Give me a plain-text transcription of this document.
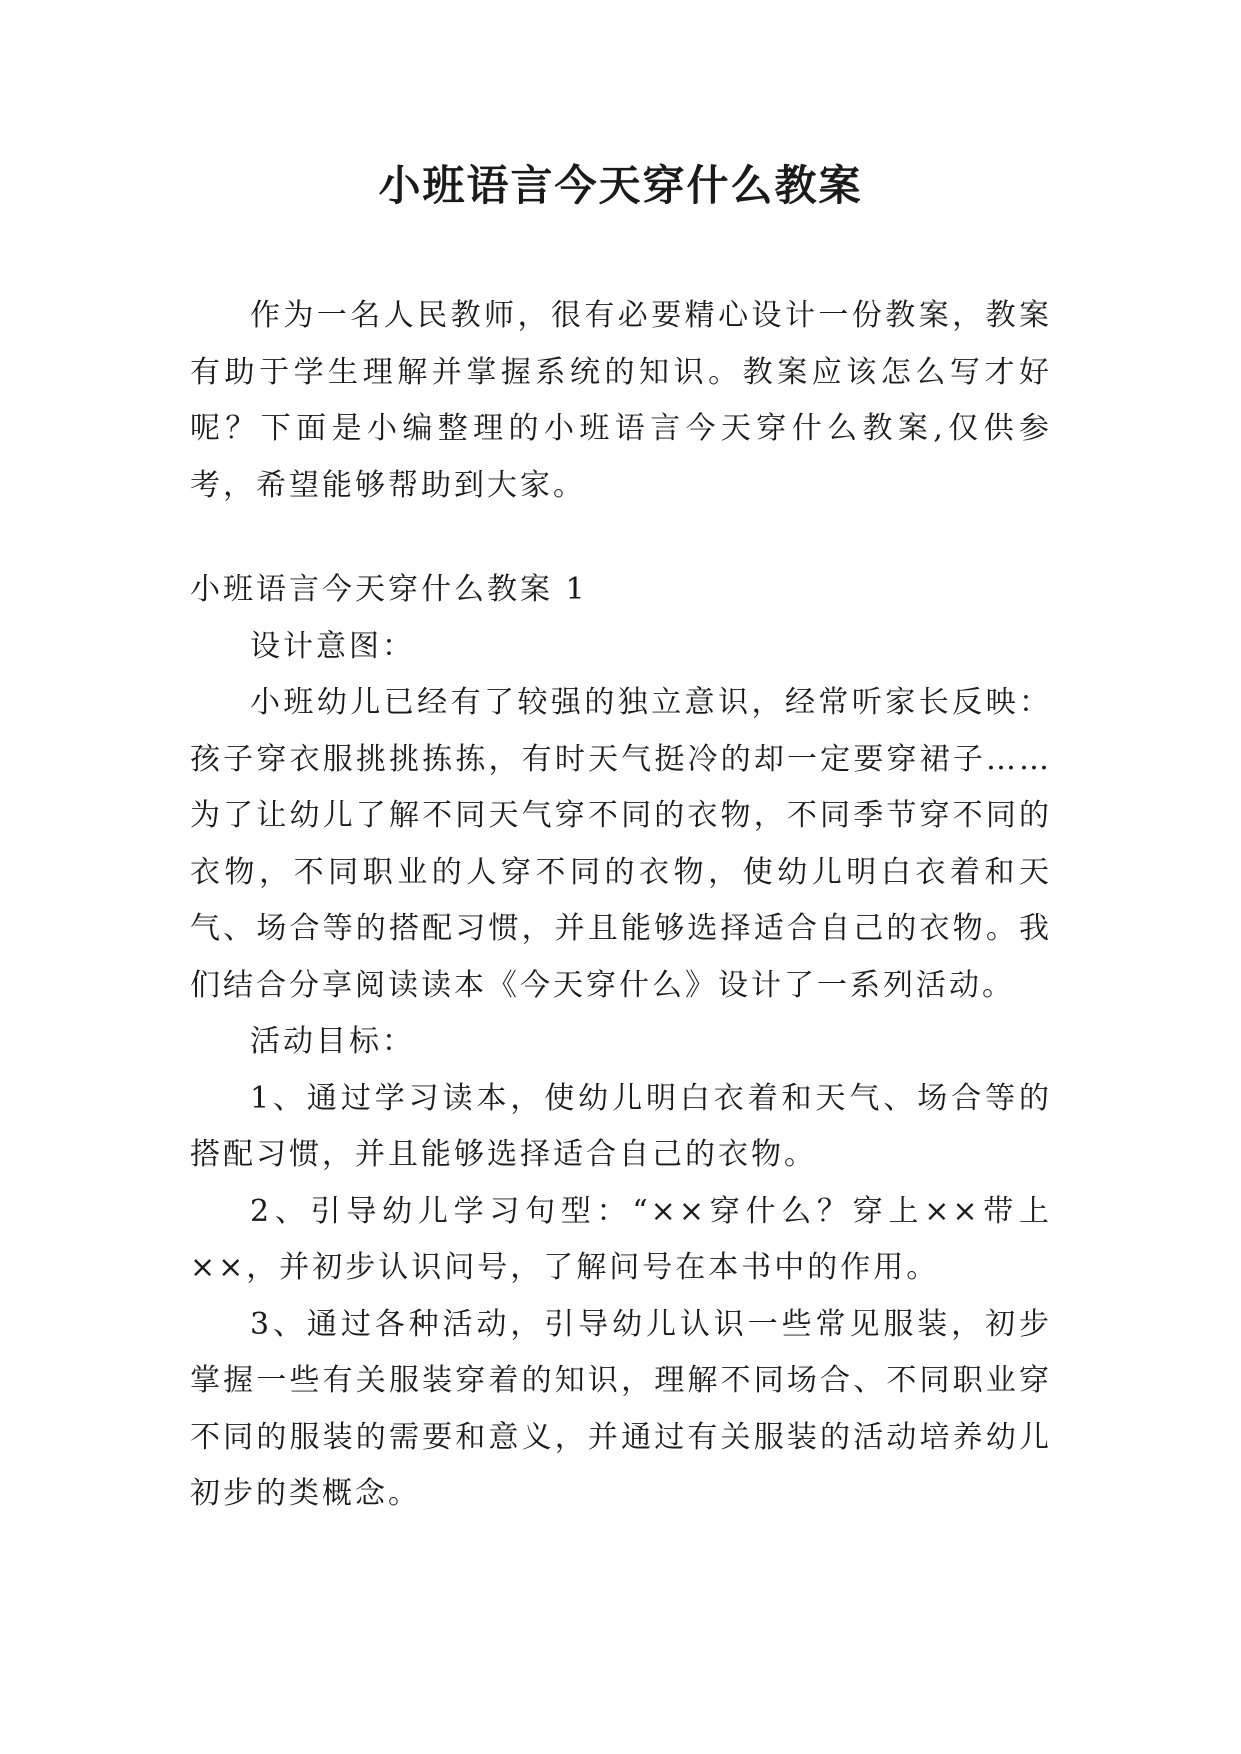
小班语言今天穿什么教案

作为一名人民教师，很有必要精心设计一份教案，教案有助于学生理解并掌握系统的知识。教案应该怎么写才好呢？下面是小编整理的小班语言今天穿什么教案,仅供参考，希望能够帮助到大家。

小班语言今天穿什么教案 1

设计意图：

小班幼儿已经有了较强的独立意识，经常听家长反映：孩子穿衣服挑挑拣拣，有时天气挺冷的却一定要穿裙子……为了让幼儿了解不同天气穿不同的衣物，不同季节穿不同的衣物，不同职业的人穿不同的衣物，使幼儿明白衣着和天气、场合等的搭配习惯，并且能够选择适合自己的衣物。我们结合分享阅读读本《今天穿什么》设计了一系列活动。

活动目标：

1、通过学习读本，使幼儿明白衣着和天气、场合等的搭配习惯，并且能够选择适合自己的衣物。

2、引导幼儿学习句型：“××穿什么？穿上××带上××，并初步认识问号，了解问号在本书中的作用。

3、通过各种活动，引导幼儿认识一些常见服装，初步掌握一些有关服装穿着的知识，理解不同场合、不同职业穿不同的服装的需要和意义，并通过有关服装的活动培养幼儿初步的类概念。
